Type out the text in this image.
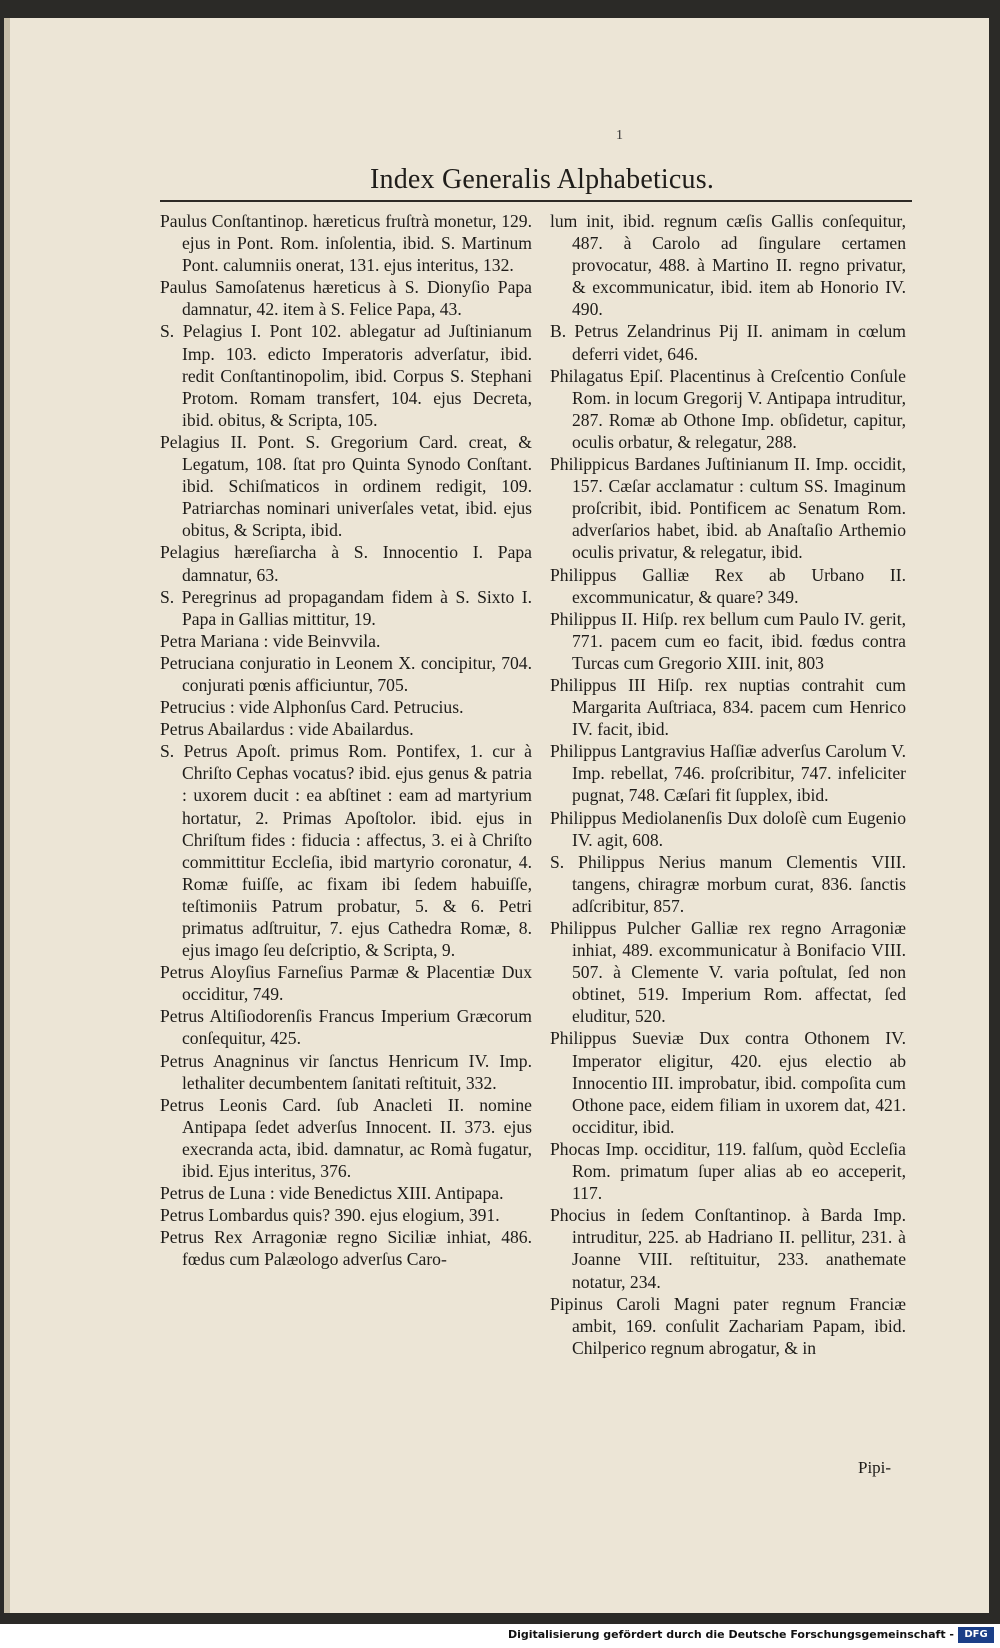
1
Index Generalis Alphabeticus.

Paulus Conſtantinop. hæreticus fruſtrà monetur, 129. ejus in Pont. Rom. inſolentia, ibid. S. Martinum Pont. calumniis onerat, 131. ejus interitus, 132.

Paulus Samoſatenus hæreticus à S. Dionyſio Papa damnatur, 42. item à S. Felice Papa, 43.

S. Pelagius I. Pont 102. ablegatur ad Juſtinianum Imp. 103. edicto Imperatoris adverſatur, ibid. redit Conſtantinopolim, ibid. Corpus S. Stephani Protom. Romam transfert, 104. ejus Decreta, ibid. obitus, & Scripta, 105.

Pelagius II. Pont. S. Gregorium Card. creat, & Legatum, 108. ſtat pro Quinta Synodo Conſtant. ibid. Schiſmaticos in ordinem redigit, 109. Patriarchas nominari univerſales vetat, ibid. ejus obitus, & Scripta, ibid.

Pelagius hæreſiarcha à S. Innocentio I. Papa damnatur, 63.

S. Peregrinus ad propagandam fidem à S. Sixto I. Papa in Gallias mittitur, 19.

Petra Mariana : vide Beinvvila.

Petruciana conjuratio in Leonem X. concipitur, 704. conjurati pœnis afficiuntur, 705.

Petrucius : vide Alphonſus Card. Petrucius.

Petrus Abailardus : vide Abailardus.

S. Petrus Apoſt. primus Rom. Pontifex, 1. cur à Chriſto Cephas vocatus? ibid. ejus genus & patria : uxorem ducit : ea abſtinet : eam ad martyrium hortatur, 2. Primas Apoſtolor. ibid. ejus in Chriſtum fides : fiducia : affectus, 3. ei à Chriſto committitur Eccleſia, ibid martyrio coronatur, 4. Romæ fuiſſe, ac fixam ibi ſedem habuiſſe, teſtimoniis Patrum probatur, 5. & 6. Petri primatus adſtruitur, 7. ejus Cathedra Romæ, 8. ejus imago ſeu deſcriptio, & Scripta, 9.

Petrus Aloyſius Farneſius Parmæ & Placentiæ Dux occiditur, 749.

Petrus Altiſiodorenſis Francus Imperium Græcorum conſequitur, 425.

Petrus Anagninus vir ſanctus Henricum IV. Imp. lethaliter decumbentem ſanitati reſtituit, 332.

Petrus Leonis Card. ſub Anacleti II. nomine Antipapa ſedet adverſus Innocent. II. 373. ejus execranda acta, ibid. damnatur, ac Romà fugatur, ibid. Ejus interitus, 376.

Petrus de Luna : vide Benedictus XIII. Antipapa.

Petrus Lombardus quis? 390. ejus elogium, 391.

Petrus Rex Arragoniæ regno Siciliæ inhiat, 486. fœdus cum Palæologo adverſus Caro-

lum init, ibid. regnum cæſis Gallis conſequitur, 487. à Carolo ad ſingulare certamen provocatur, 488. à Martino II. regno privatur, & excommunicatur, ibid. item ab Honorio IV. 490.

B. Petrus Zelandrinus Pij II. animam in cœlum deferri videt, 646.

Philagatus Epiſ. Placentinus à Creſcentio Conſule Rom. in locum Gregorij V. Antipapa intruditur, 287. Romæ ab Othone Imp. obſidetur, capitur, oculis orbatur, & relegatur, 288.

Philippicus Bardanes Juſtinianum II. Imp. occidit, 157. Cæſar acclamatur : cultum SS. Imaginum proſcribit, ibid. Pontificem ac Senatum Rom. adverſarios habet, ibid. ab Anaſtaſio Arthemio oculis privatur, & relegatur, ibid.

Philippus Galliæ Rex ab Urbano II. excommunicatur, & quare? 349.

Philippus II. Hiſp. rex bellum cum Paulo IV. gerit, 771. pacem cum eo facit, ibid. fœdus contra Turcas cum Gregorio XIII. init, 803

Philippus III Hiſp. rex nuptias contrahit cum Margarita Auſtriaca, 834. pacem cum Henrico IV. facit, ibid.

Philippus Lantgravius Haſſiæ adverſus Carolum V. Imp. rebellat, 746. proſcribitur, 747. infeliciter pugnat, 748. Cæſari fit ſupplex, ibid.

Philippus Mediolanenſis Dux doloſè cum Eugenio IV. agit, 608.

S. Philippus Nerius manum Clementis VIII. tangens, chiragræ morbum curat, 836. ſanctis adſcribitur, 857.

Philippus Pulcher Galliæ rex regno Arragoniæ inhiat, 489. excommunicatur à Bonifacio VIII. 507. à Clemente V. varia poſtulat, ſed non obtinet, 519. Imperium Rom. affectat, ſed eluditur, 520.

Philippus Sueviæ Dux contra Othonem IV. Imperator eligitur, 420. ejus electio ab Innocentio III. improbatur, ibid. compoſita cum Othone pace, eidem filiam in uxorem dat, 421. occiditur, ibid.

Phocas Imp. occiditur, 119. falſum, quòd Eccleſia Rom. primatum ſuper alias ab eo acceperit, 117.

Phocius in ſedem Conſtantinop. à Barda Imp. intruditur, 225. ab Hadriano II. pellitur, 231. à Joanne VIII. reſtituitur, 233. anathemate notatur, 234.

Pipinus Caroli Magni pater regnum Franciæ ambit, 169. conſulit Zachariam Papam, ibid. Chilperico regnum abrogatur, & in

Pipi-
Digitalisierung gefördert durch die Deutsche Forschungsgemeinschaft -	DFG
